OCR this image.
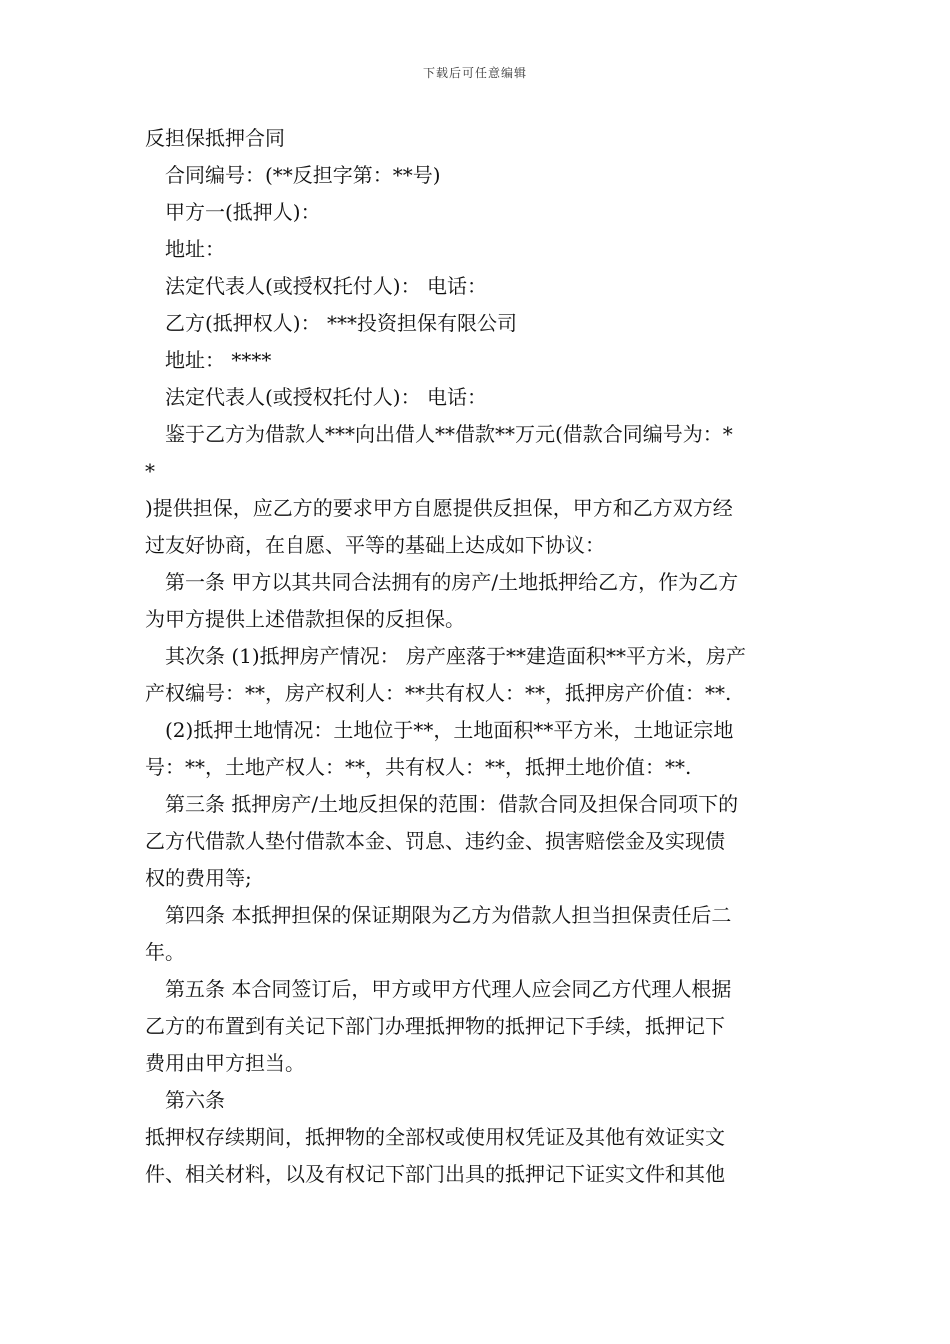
下载后可任意编辑
反担保抵押合同
合同编号：(**反担字第：**号)
甲方一(抵押人)：
地址：
法定代表人(或授权托付人)： 电话：
乙方(抵押权人)： ***投资担保有限公司
地址： ****
法定代表人(或授权托付人)： 电话：
鉴于乙方为借款人***向出借人**借款**万元(借款合同编号为：*
*
)提供担保，应乙方的要求甲方自愿提供反担保，甲方和乙方双方经
过友好协商，在自愿、平等的基础上达成如下协议：
第一条 甲方以其共同合法拥有的房产/土地抵押给乙方，作为乙方
为甲方提供上述借款担保的反担保。
其次条 (1)抵押房产情况： 房产座落于**建造面积**平方米，房产
产权编号：**，房产权利人：**共有权人：**，抵押房产价值：**.
(2)抵押土地情况：土地位于**，土地面积**平方米，土地证宗地
号：**，土地产权人：**，共有权人：**，抵押土地价值：**.
第三条 抵押房产/土地反担保的范围：借款合同及担保合同项下的
乙方代借款人垫付借款本金、罚息、违约金、损害赔偿金及实现债
权的费用等;
第四条 本抵押担保的保证期限为乙方为借款人担当担保责任后二
年。
第五条 本合同签订后，甲方或甲方代理人应会同乙方代理人根据
乙方的布置到有关记下部门办理抵押物的抵押记下手续，抵押记下
费用由甲方担当。
第六条
抵押权存续期间，抵押物的全部权或使用权凭证及其他有效证实文
件、相关材料，以及有权记下部门出具的抵押记下证实文件和其他
